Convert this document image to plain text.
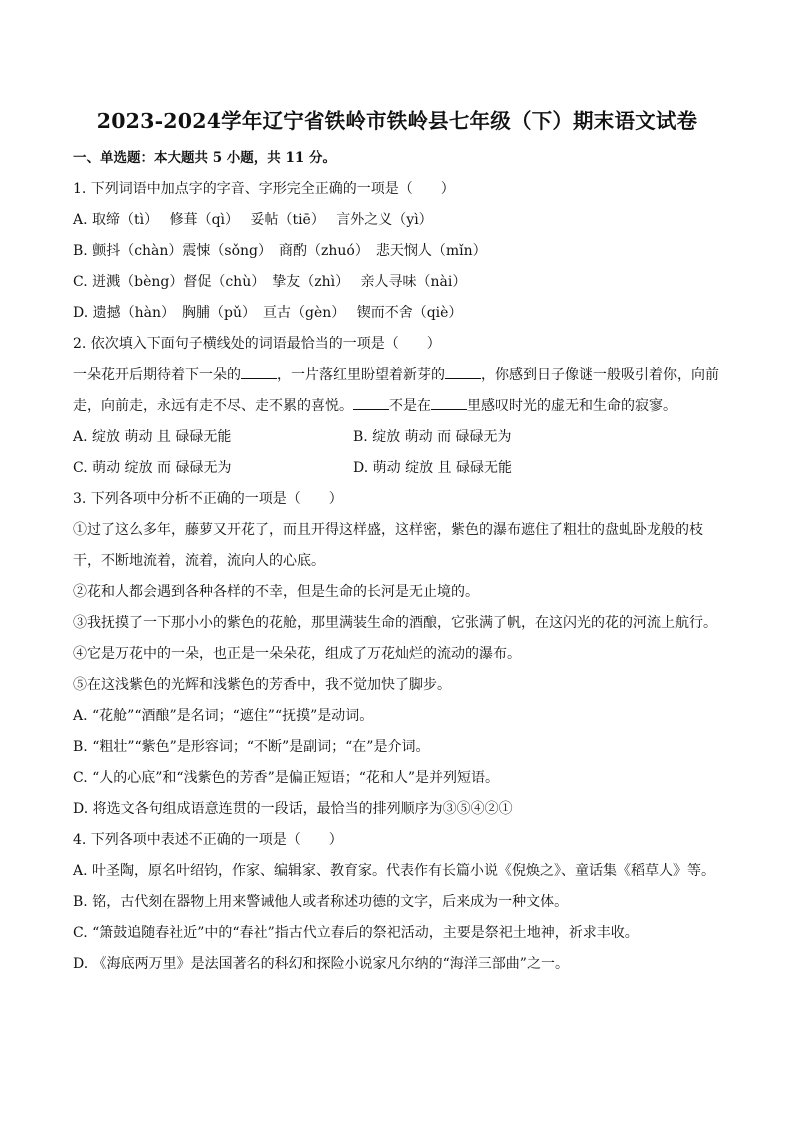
2023-2024学年辽宁省铁岭市铁岭县七年级（下）期末语文试卷
一、单选题：本大题共 5 小题，共 11 分。
1. 下列词语中加点字的字音、字形完全正确的一项是（　　）
A. 取缔（tì）　 修葺（qì）　 妥帖（tiē）　 言外之义（yì）
B. 颤抖（chàn）震悚（sǒng）　商酌（zhuó）　悲天悯人（mǐn）
C. 迸溅（bèng）督促（chù）　挚友（zhì）　 亲人寻味（nài）
D. 遗撼（hàn）　胸脯（pǔ）　亘古（gèn）　 锲而不舍（qiè）
2. 依次填入下面句子横线处的词语最恰当的一项是（　　）
一朵花开后期待着下一朵的	，一片落红里盼望着新芽的	，你感到日子像谜一般吸引着你，向前
走，向前走，永远有走不尽、走不累的喜悦。	不是在	里感叹时光的虚无和生命的寂寥。
A. 绽放 萌动 且 碌碌无能	B. 绽放 萌动 而 碌碌无为
C. 萌动 绽放 而 碌碌无为	D. 萌动 绽放 且 碌碌无能
3. 下列各项中分析不正确的一项是（　　）
①过了这么多年，藤萝又开花了，而且开得这样盛，这样密，紫色的瀑布遮住了粗壮的盘虬卧龙般的枝
干，不断地流着，流着，流向人的心底。
②花和人都会遇到各种各样的不幸，但是生命的长河是无止境的。
③我抚摸了一下那小小的紫色的花舱，那里满装生命的酒酿，它张满了帆，在这闪光的花的河流上航行。
④它是万花中的一朵，也正是一朵朵花，组成了万花灿烂的流动的瀑布。
⑤在这浅紫色的光辉和浅紫色的芳香中，我不觉加快了脚步。
A. “花舱”“酒酿”是名词；“遮住”“抚摸”是动词。
B. “粗壮”“紫色”是形容词；“不断”是副词；“在”是介词。
C. “人的心底”和“浅紫色的芳香”是偏正短语；“花和人”是并列短语。
D. 将选文各句组成语意连贯的一段话，最恰当的排列顺序为③⑤④②①
4. 下列各项中表述不正确的一项是（　　）
A. 叶圣陶，原名叶绍钧，作家、编辑家、教育家。代表作有长篇小说《倪焕之》、童话集《稻草人》等。
B. 铭，古代刻在器物上用来警诫他人或者称述功德的文字，后来成为一种文体。
C. “箫鼓追随春社近”中的“春社”指古代立春后的祭祀活动，主要是祭祀土地神，祈求丰收。
D. 《海底两万里》是法国著名的科幻和探险小说家凡尔纳的“海洋三部曲”之一。
